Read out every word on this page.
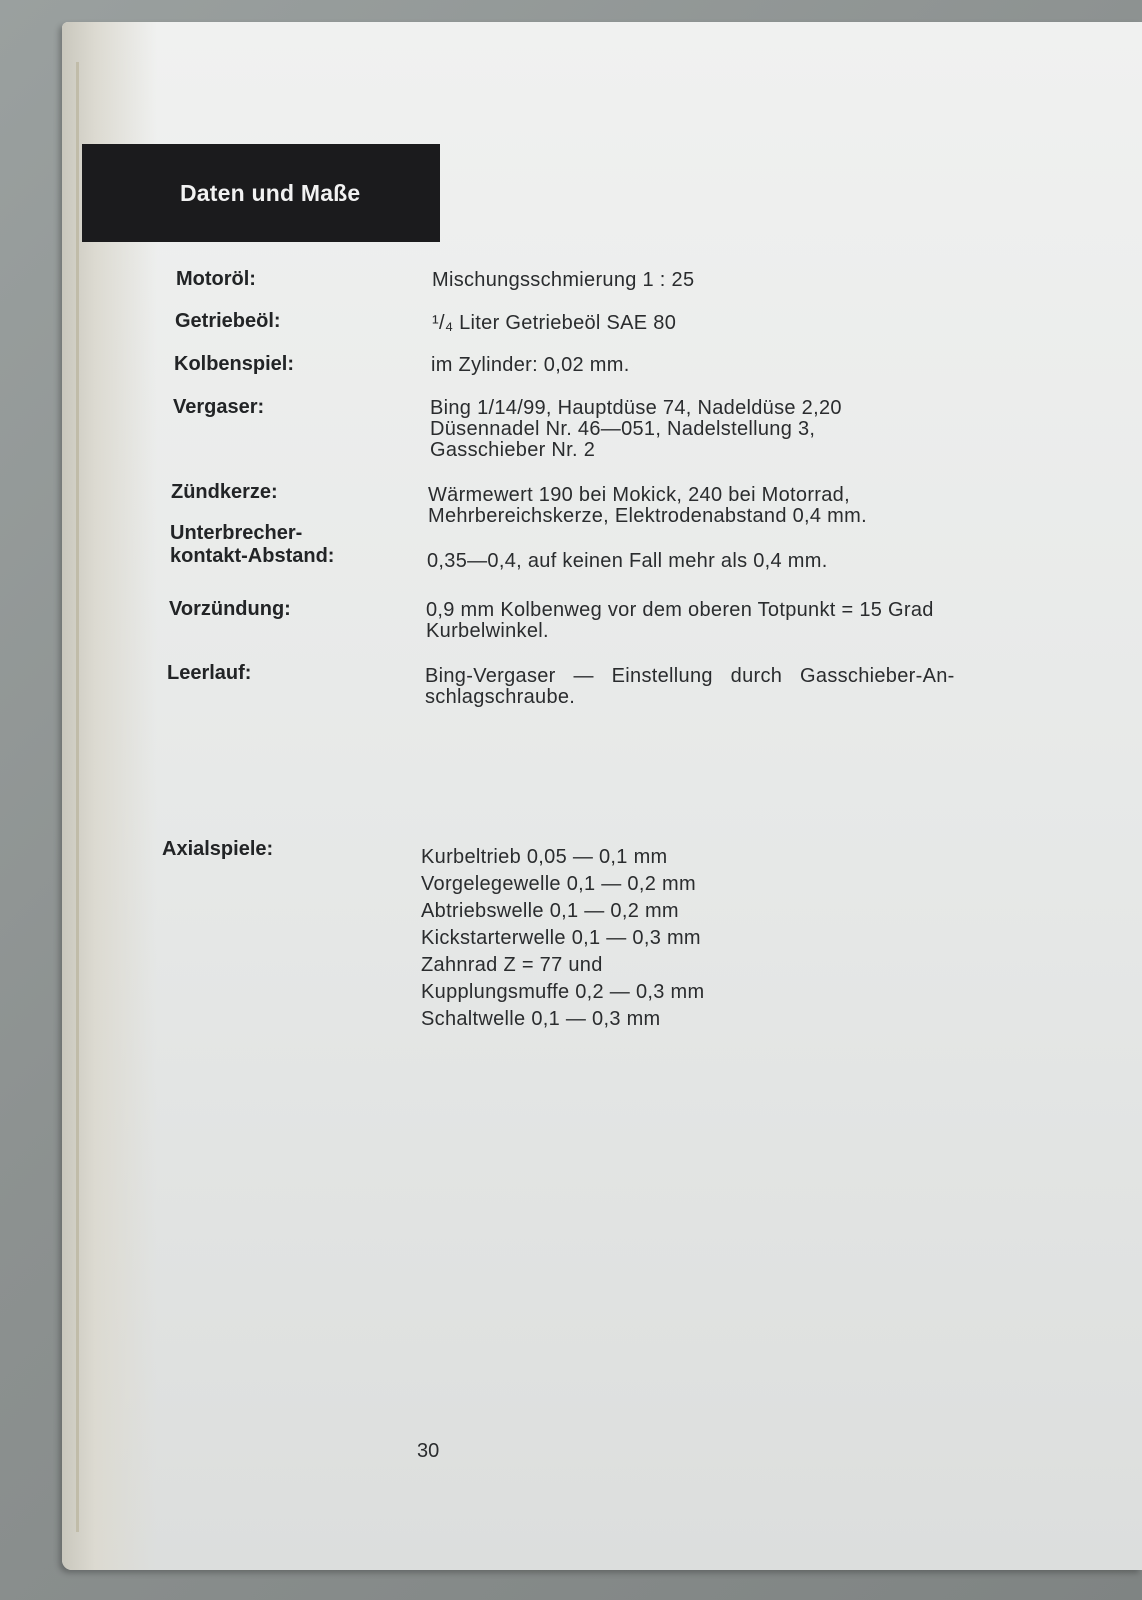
Daten und Maße
Motoröl:	Mischungsschmierung 1 : 25
Getriebeöl:	¹/₄ Liter Getriebeöl SAE 80
Kolbenspiel:	im Zylinder: 0,02 mm.
Vergaser:	Bing 1/14/99, Hauptdüse 74, Nadeldüse 2,20
Düsennadel Nr. 46—051, Nadelstellung 3,
Gasschieber Nr. 2
Zündkerze:	Wärmewert 190 bei Mokick, 240 bei Motorrad,
Mehrbereichskerze, Elektrodenabstand 0,4 mm.
Unterbrecher-
kontakt-Abstand:	0,35—0,4, auf keinen Fall mehr als 0,4 mm.
Vorzündung:	0,9 mm Kolbenweg vor dem oberen Totpunkt = 15 Grad
Kurbelwinkel.
Leerlauf:	Bing-Vergaser — Einstellung durch Gasschieber-An-
schlagschraube.
Axialspiele:	Kurbeltrieb 0,05 — 0,1 mm
Vorgelegewelle 0,1 — 0,2 mm
Abtriebswelle 0,1 — 0,2 mm
Kickstarterwelle 0,1 — 0,3 mm
Zahnrad Z = 77 und
Kupplungsmuffe 0,2 — 0,3 mm
Schaltwelle 0,1 — 0,3 mm
30
